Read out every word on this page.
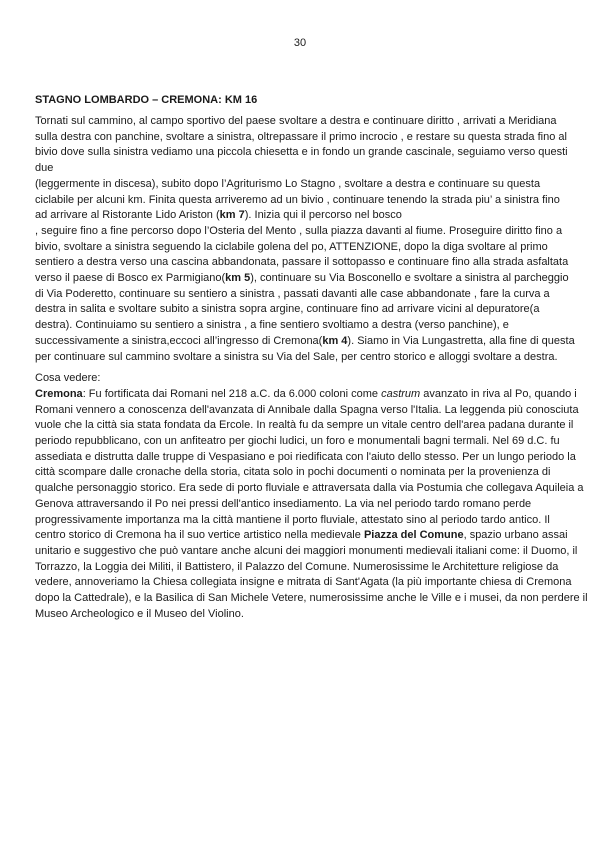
30
STAGNO LOMBARDO – CREMONA: KM 16
Tornati sul cammino, al campo sportivo del paese svoltare a destra e continuare diritto , arrivati a Meridiana
sulla destra con panchine, svoltare a sinistra, oltrepassare il primo incrocio , e restare su questa strada fino al
bivio dove sulla sinistra vediamo una piccola chiesetta e in fondo un grande cascinale, seguiamo verso questi
due
(leggermente in discesa), subito dopo l’Agriturismo Lo Stagno , svoltare a destra e continuare su questa
ciclabile per alcuni km. Finita questa arriveremo ad un bivio , continuare tenendo la strada piu’ a sinistra fino
ad arrivare al Ristorante Lido Ariston (km 7). Inizia qui il percorso nel bosco
, seguire fino a fine percorso dopo l’Osteria del Mento , sulla piazza davanti al fiume. Proseguire diritto fino a
bivio, svoltare a sinistra seguendo la ciclabile golena del po, ATTENZIONE, dopo la diga svoltare al primo
sentiero a destra verso una cascina abbandonata, passare il sottopasso e continuare fino alla strada asfaltata
verso il paese di Bosco ex Parmigiano(km 5), continuare su Via Bosconello e svoltare a sinistra al parcheggio
di Via Poderetto, continuare su sentiero a sinistra , passati davanti alle case abbandonate , fare la curva a
destra in salita e svoltare subito a sinistra sopra argine, continuare fino ad arrivare vicini al depuratore(a
destra). Continuiamo su sentiero a sinistra , a fine sentiero svoltiamo a destra (verso panchine), e
successivamente a sinistra,eccoci all’ingresso di Cremona(km 4). Siamo in Via Lungastretta, alla fine di questa
per continuare sul cammino svoltare a sinistra su Via del Sale, per centro storico e alloggi svoltare a destra.
Cosa vedere:
Cremona: Fu fortificata dai Romani nel 218 a.C. da 6.000 coloni come castrum avanzato in riva al Po, quando i
Romani vennero a conoscenza dell'avanzata di Annibale dalla Spagna verso l'Italia. La leggenda più conosciuta
vuole che la città sia stata fondata da Ercole. In realtà fu da sempre un vitale centro dell'area padana durante il
periodo repubblicano, con un anfiteatro per giochi ludici, un foro e monumentali bagni termali. Nel 69 d.C. fu
assediata e distrutta dalle truppe di Vespasiano e poi riedificata con l'aiuto dello stesso. Per un lungo periodo la
città scompare dalle cronache della storia, citata solo in pochi documenti o nominata per la provenienza di
qualche personaggio storico. Era sede di porto fluviale e attraversata dalla via Postumia che collegava Aquileia a
Genova attraversando il Po nei pressi dell'antico insediamento. La via nel periodo tardo romano perde
progressivamente importanza ma la città mantiene il porto fluviale, attestato sino al periodo tardo antico. Il
centro storico di Cremona ha il suo vertice artistico nella medievale Piazza del Comune, spazio urbano assai
unitario e suggestivo che può vantare anche alcuni dei maggiori monumenti medievali italiani come: il Duomo, il
Torrazzo, la Loggia dei Militi, il Battistero, il Palazzo del Comune. Numerosissime le Architetture religiose da
vedere, annoveriamo la Chiesa collegiata insigne e mitrata di Sant'Agata (la più importante chiesa di Cremona
dopo la Cattedrale), e la Basilica di San Michele Vetere, numerosissime anche le Ville e i musei, da non perdere il
Museo Archeologico e il Museo del Violino.
